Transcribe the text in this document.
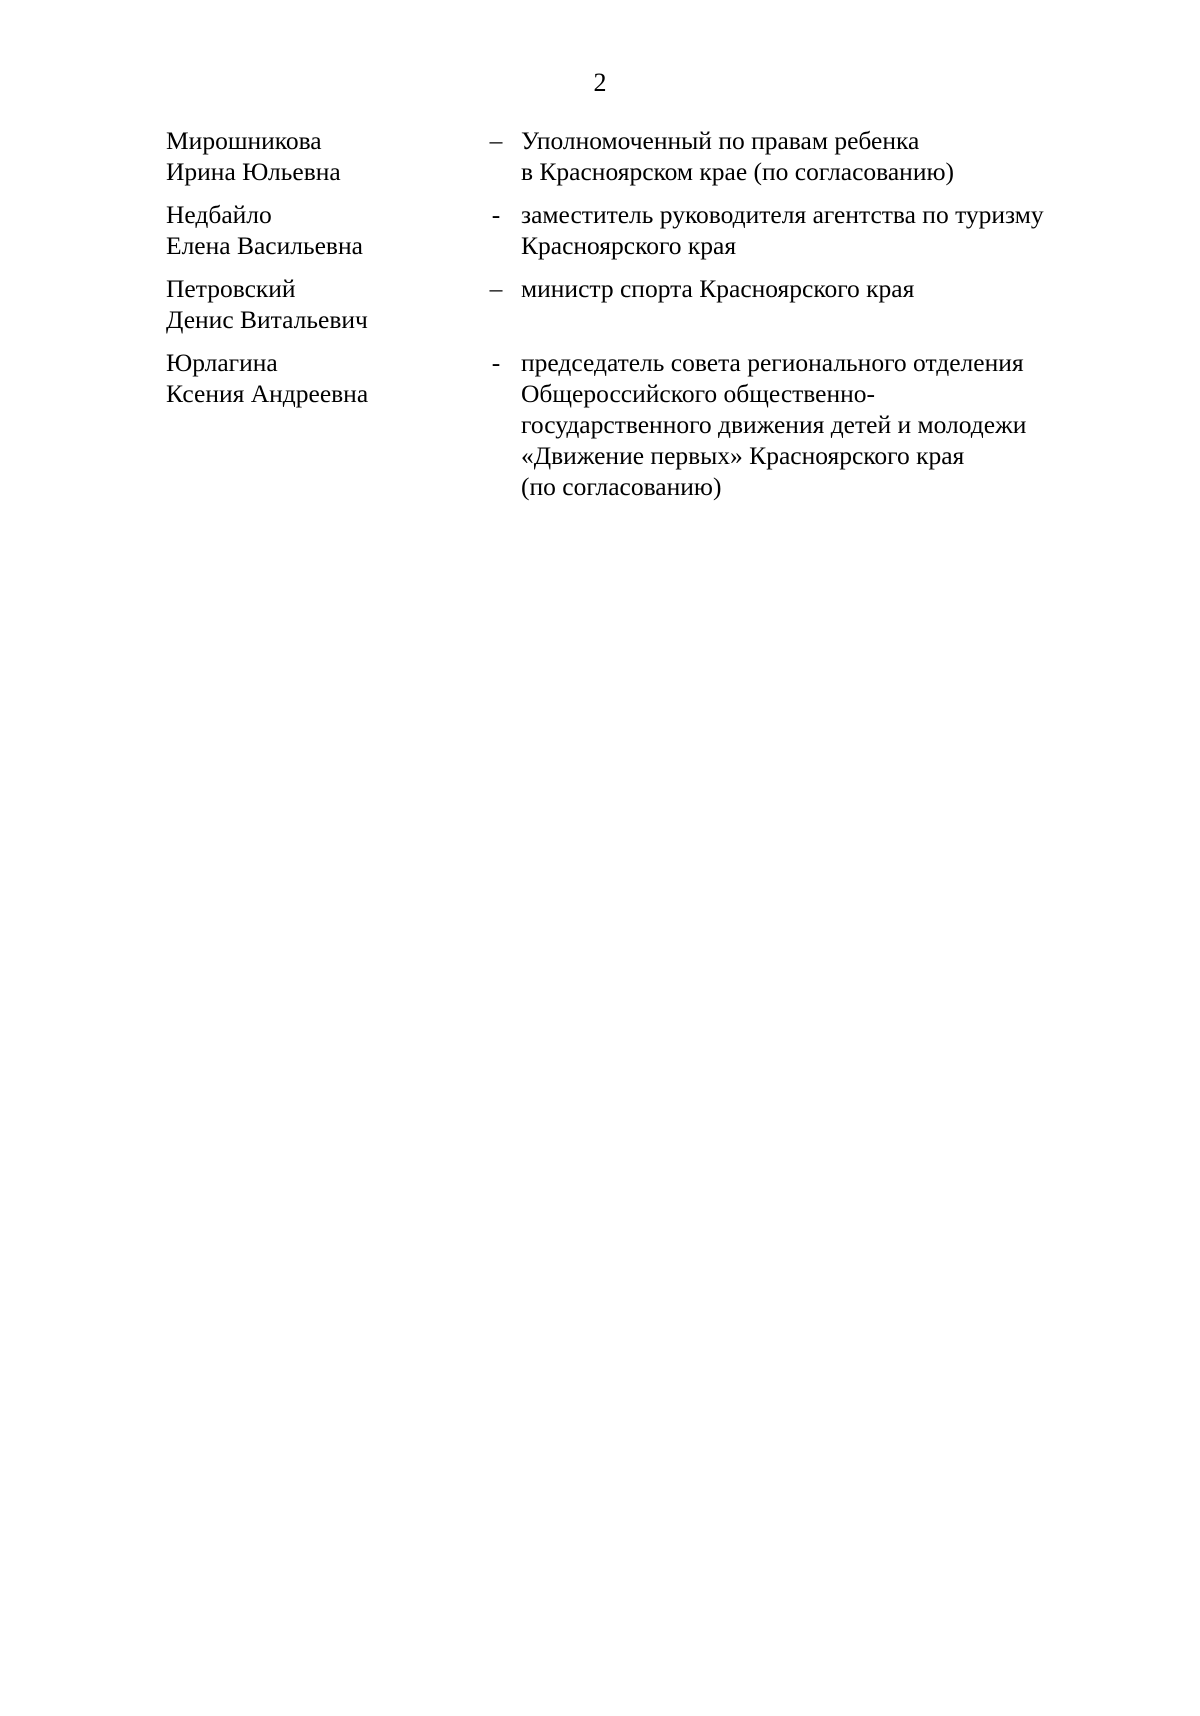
2
Мирошникова
Ирина Юльевна
– Уполномоченный по правам ребенка
в Красноярском крае (по согласованию)
Недбайло
Елена Васильевна
- заместитель руководителя агентства по туризму
Красноярского края
Петровский
Денис Витальевич
– министр спорта Красноярского края
Юрлагина
Ксения Андреевна
- председатель совета регионального отделения
Общероссийского общественно-
государственного движения детей и молодежи
«Движение первых» Красноярского края
(по согласованию)
